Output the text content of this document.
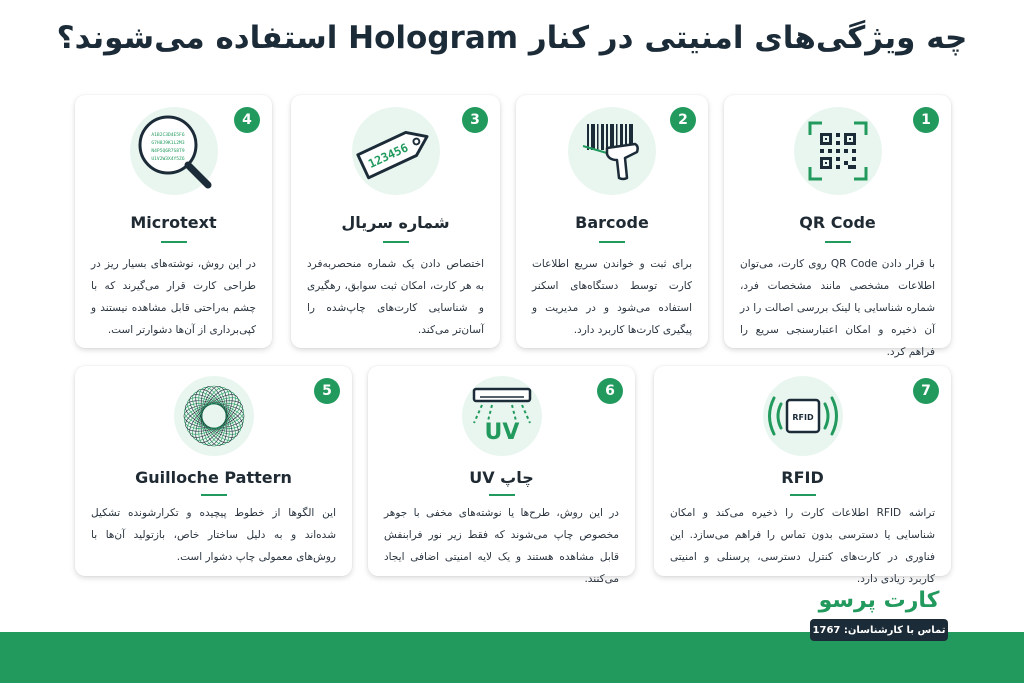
چه ویژگی‌های امنیتی در کنار Hologram استفاده می‌شوند؟
1
QR Code
با قرار دادن QR Code روی کارت، می‌توان اطلاعات مشخصی مانند مشخصات فرد، شماره شناسایی یا لینک بررسی اصالت را در آن ذخیره و امکان اعتبارسنجی سریع را فراهم کرد.
2
Barcode
برای ثبت و خواندن سریع اطلاعات کارت توسط دستگاه‌های اسکنر استفاده می‌شود و در مدیریت و پیگیری کارت‌ها کاربرد دارد.
3
123456
شماره سریال
اختصاص دادن یک شماره منحصربه‌فرد به هر کارت، امکان ثبت سوابق، رهگیری و شناسایی کارت‌های چاپ‌شده را آسان‌تر می‌کند.
4
A1B2C3D4E5F6
G7H8J9K1L2M3
N4P5Q6R7S8T9
U1V2W3X4Y5Z6
Microtext
در این روش، نوشته‌های بسیار ریز در طراحی کارت قرار می‌گیرند که با چشم به‌راحتی قابل مشاهده نیستند و کپی‌برداری از آن‌ها دشوارتر است.
7
RFID
RFID
تراشه RFID اطلاعات کارت را ذخیره می‌کند و امکان شناسایی یا دسترسی بدون تماس را فراهم می‌سازد. این فناوری در کارت‌های کنترل دسترسی، پرسنلی و امنیتی کاربرد زیادی دارد.
6
UV
چاپ UV
در این روش، طرح‌ها یا نوشته‌های مخفی با جوهر مخصوص چاپ می‌شوند که فقط زیر نور فرابنفش قابل مشاهده هستند و یک لایه امنیتی اضافی ایجاد می‌کنند.
5
Guilloche Pattern
این الگوها از خطوط پیچیده و تکرارشونده تشکیل شده‌اند و به دلیل ساختار خاص، بازتولید آن‌ها با روش‌های معمولی چاپ دشوار است.
کارت پرسو
تماس با کارشناسان: 1767
